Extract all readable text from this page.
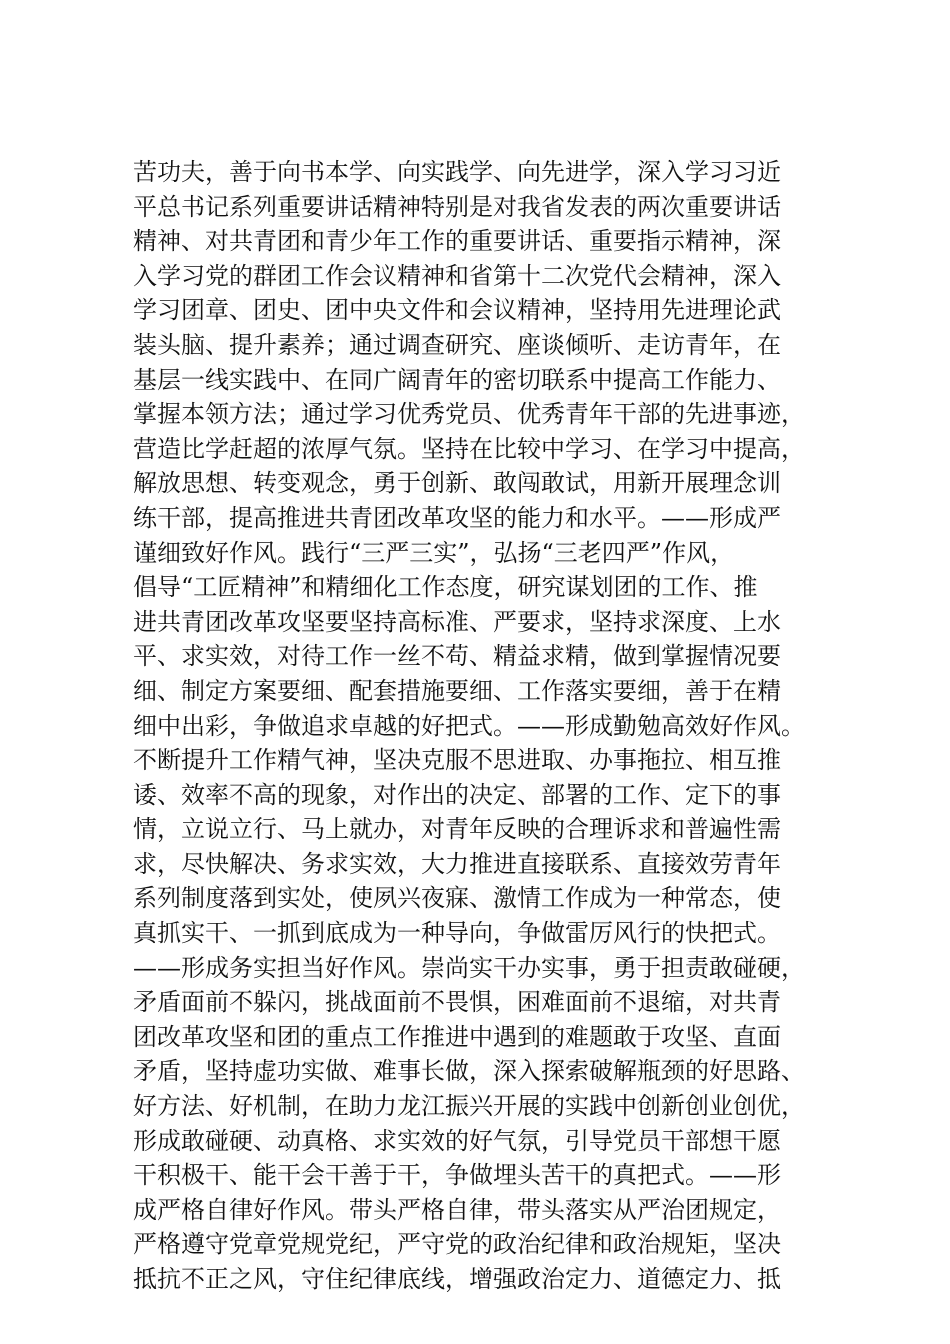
苦功夫，善于向书本学、向实践学、向先进学，深入学习习近
平总书记系列重要讲话精神特别是对我省发表的两次重要讲话
精神、对共青团和青少年工作的重要讲话、重要指示精神，深
入学习党的群团工作会议精神和省第十二次党代会精神，深入
学习团章、团史、团中央文件和会议精神，坚持用先进理论武
装头脑、提升素养；通过调查研究、座谈倾听、走访青年，在
基层一线实践中、在同广阔青年的密切联系中提高工作能力、
掌握本领方法；通过学习优秀党员、优秀青年干部的先进事迹，
营造比学赶超的浓厚气氛。坚持在比较中学习、在学习中提高，
解放思想、转变观念，勇于创新、敢闯敢试，用新开展理念训
练干部，提高推进共青团改革攻坚的能力和水平。——形成严
谨细致好作风。践行“三严三实”，弘扬“三老四严”作风，
倡导“工匠精神”和精细化工作态度，研究谋划团的工作、推
进共青团改革攻坚要坚持高标准、严要求，坚持求深度、上水
平、求实效，对待工作一丝不苟、精益求精，做到掌握情况要
细、制定方案要细、配套措施要细、工作落实要细，善于在精
细中出彩，争做追求卓越的好把式。——形成勤勉高效好作风。
不断提升工作精气神，坚决克服不思进取、办事拖拉、相互推
诿、效率不高的现象，对作出的决定、部署的工作、定下的事
情，立说立行、马上就办，对青年反映的合理诉求和普遍性需
求，尽快解决、务求实效，大力推进直接联系、直接效劳青年
系列制度落到实处，使夙兴夜寐、激情工作成为一种常态，使
真抓实干、一抓到底成为一种导向，争做雷厉风行的快把式。
——形成务实担当好作风。崇尚实干办实事，勇于担责敢碰硬，
矛盾面前不躲闪，挑战面前不畏惧，困难面前不退缩，对共青
团改革攻坚和团的重点工作推进中遇到的难题敢于攻坚、直面
矛盾，坚持虚功实做、难事长做，深入探索破解瓶颈的好思路、
好方法、好机制，在助力龙江振兴开展的实践中创新创业创优，
形成敢碰硬、动真格、求实效的好气氛，引导党员干部想干愿
干积极干、能干会干善于干，争做埋头苦干的真把式。——形
成严格自律好作风。带头严格自律，带头落实从严治团规定，
严格遵守党章党规党纪，严守党的政治纪律和政治规矩，坚决
抵抗不正之风，守住纪律底线，增强政治定力、道德定力、抵
